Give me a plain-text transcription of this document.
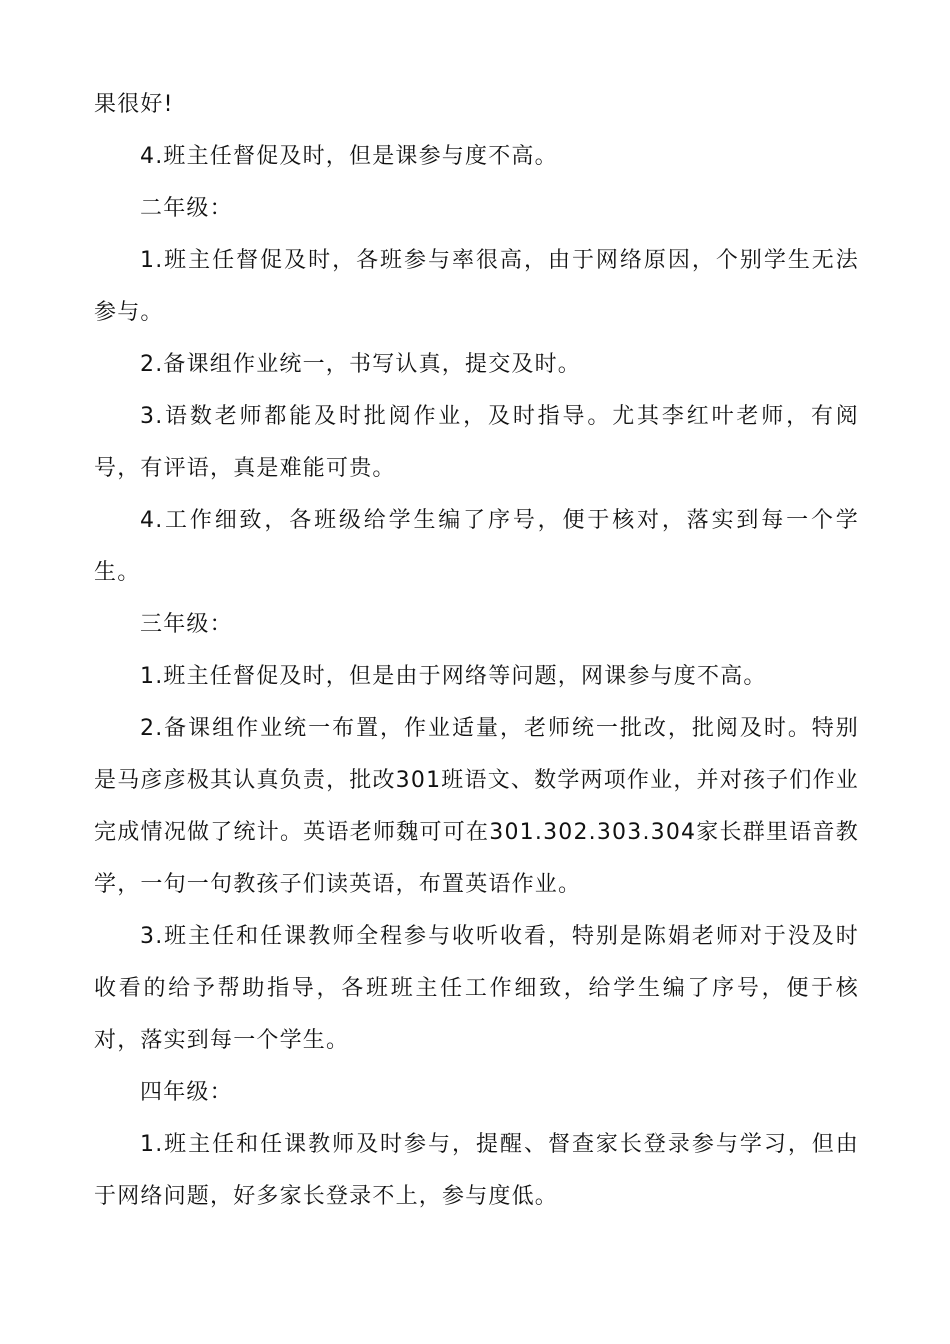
果很好!

4.班主任督促及时，但是课参与度不高。

二年级：

1.班主任督促及时，各班参与率很高，由于网络原因，个别学生无法参与。

2.备课组作业统一，书写认真，提交及时。

3.语数老师都能及时批阅作业，及时指导。尤其李红叶老师，有阅号，有评语，真是难能可贵。

4.工作细致，各班级给学生编了序号，便于核对，落实到每一个学生。

三年级：

1.班主任督促及时，但是由于网络等问题，网课参与度不高。

2.备课组作业统一布置，作业适量，老师统一批改，批阅及时。特别是马彦彦极其认真负责，批改301班语文、数学两项作业，并对孩子们作业完成情况做了统计。英语老师魏可可在301.302.303.304家长群里语音教学，一句一句教孩子们读英语，布置英语作业。

3.班主任和任课教师全程参与收听收看，特别是陈娟老师对于没及时收看的给予帮助指导，各班班主任工作细致，给学生编了序号，便于核对，落实到每一个学生。

四年级：

1.班主任和任课教师及时参与，提醒、督查家长登录参与学习，但由于网络问题，好多家长登录不上，参与度低。
